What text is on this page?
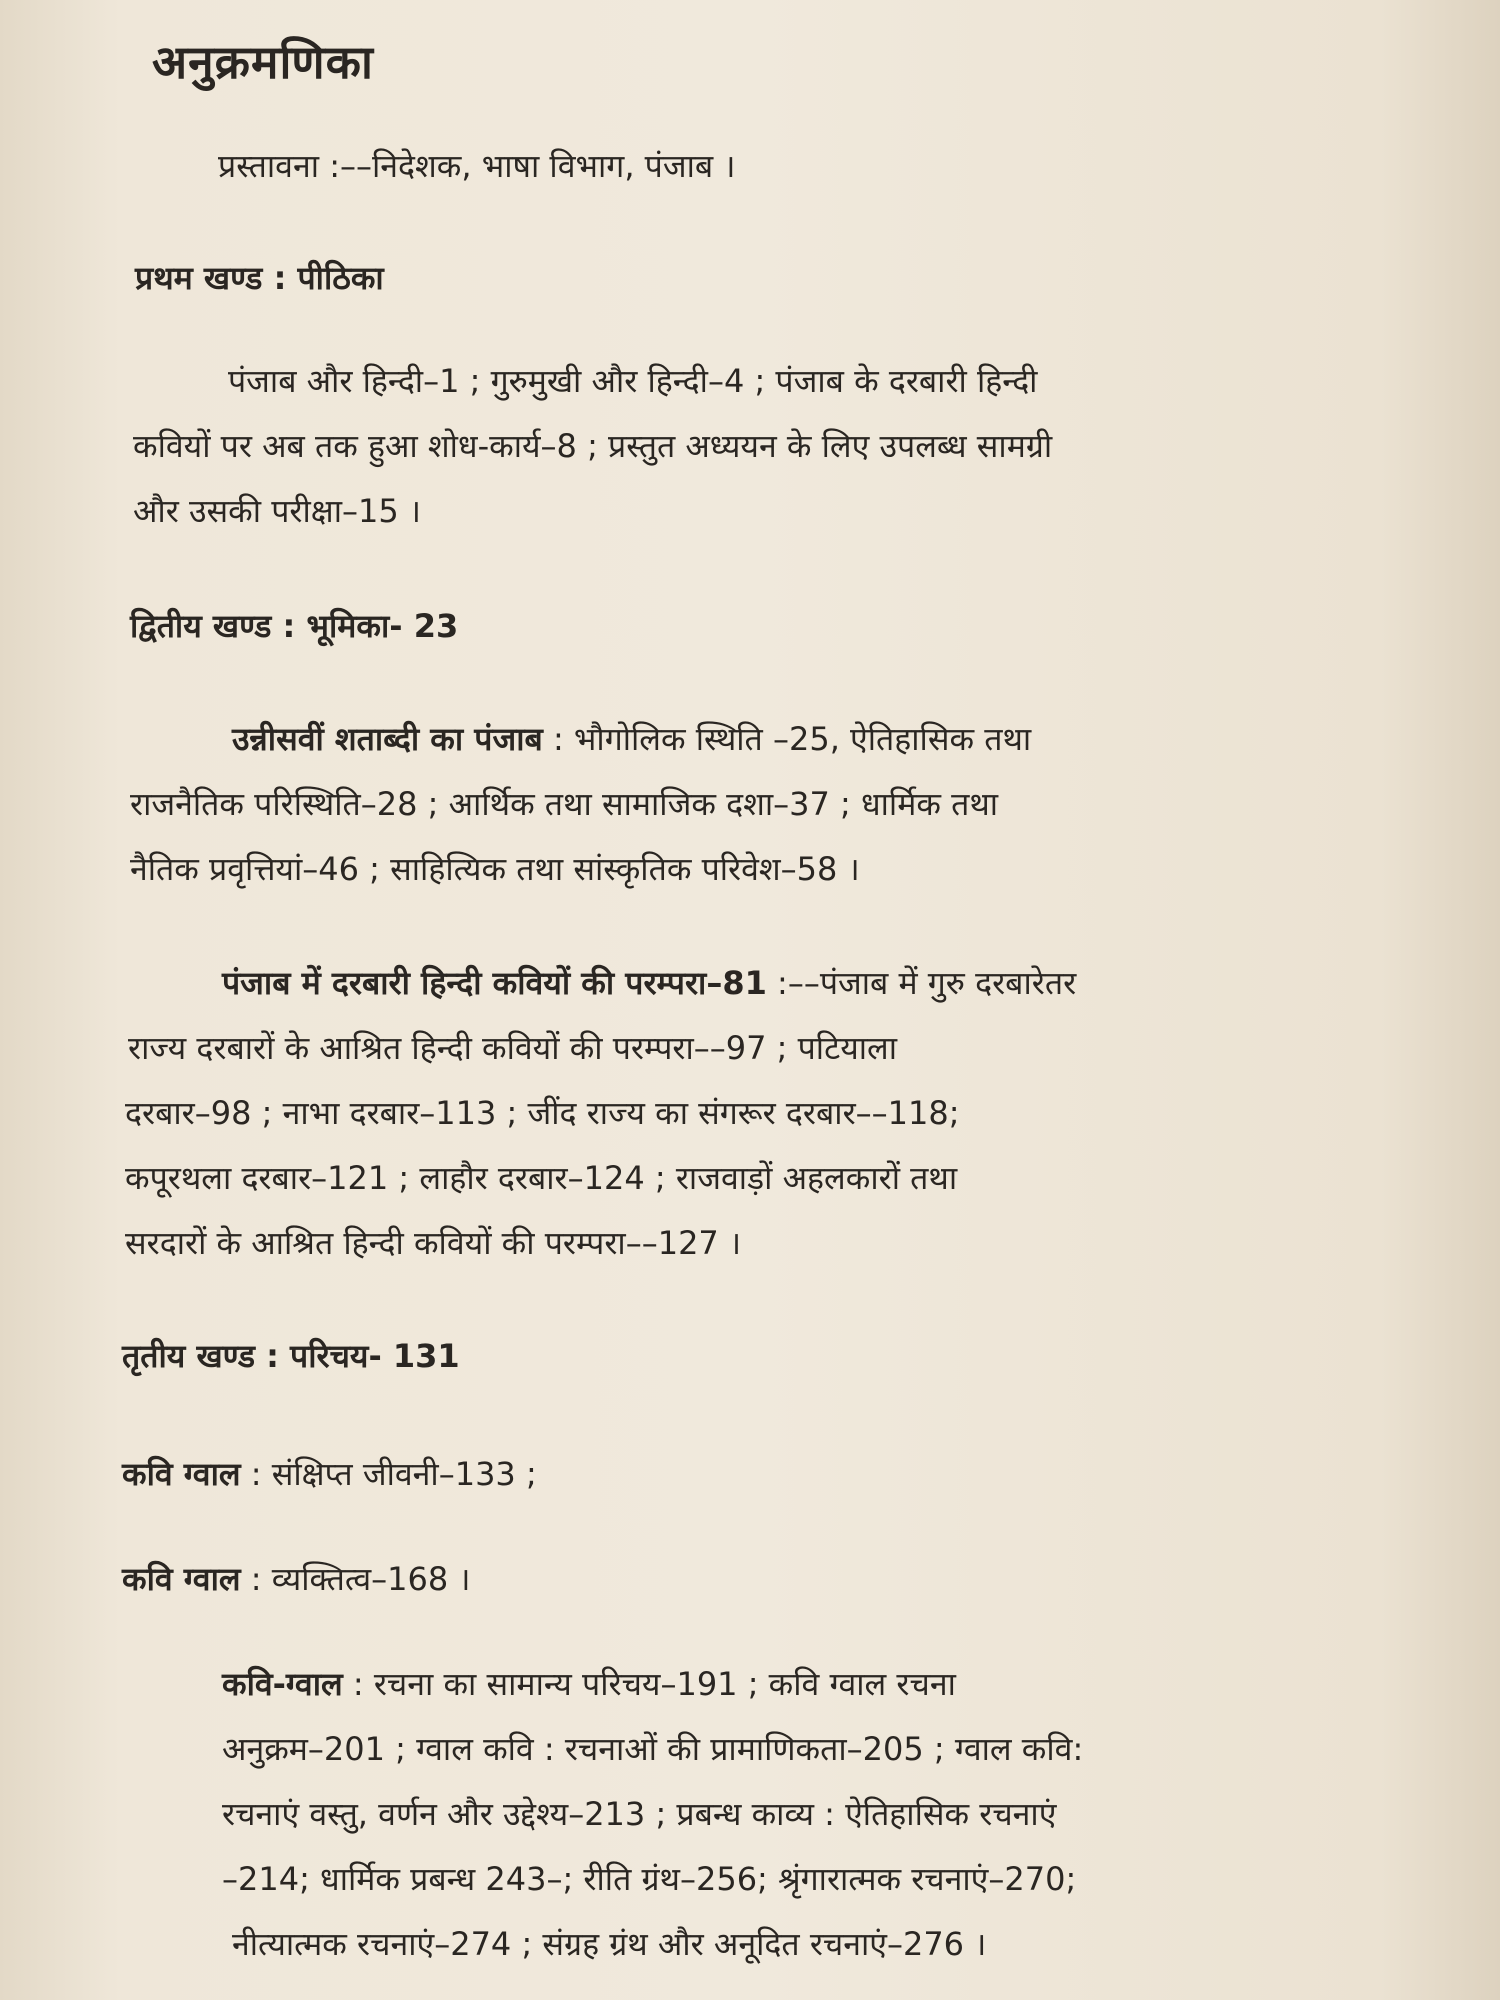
अनुक्रमणिका
प्रस्तावना :––निदेशक, भाषा विभाग, पंजाब ।
प्रथम खण्ड : पीठिका
पंजाब और हिन्दी–1 ; गुरुमुखी और हिन्दी–4 ; पंजाब के दरबारी हिन्दी
कवियों पर अब तक हुआ शोध-कार्य–8 ; प्रस्तुत अध्ययन के लिए उपलब्ध सामग्री
और उसकी परीक्षा–15 ।
द्वितीय खण्ड : भूमिका- 23
उन्नीसवीं शताब्दी का पंजाब : भौगोलिक स्थिति –25, ऐतिहासिक तथा
राजनैतिक परिस्थिति–28 ; आर्थिक तथा सामाजिक दशा–37 ; धार्मिक तथा
नैतिक प्रवृत्तियां–46 ; साहित्यिक तथा सांस्कृतिक परिवेश–58 ।
पंजाब में दरबारी हिन्दी कवियों की परम्परा–81 :––पंजाब में गुरु दरबारेतर
राज्य दरबारों के आश्रित हिन्दी कवियों की परम्परा––97 ; पटियाला
दरबार–98 ; नाभा दरबार–113 ; जींद राज्य का संगरूर दरबार––118;
कपूरथला दरबार–121 ; लाहौर दरबार–124 ; राजवाड़ों अहलकारों तथा
सरदारों के आश्रित हिन्दी कवियों की परम्परा––127 ।
तृतीय खण्ड : परिचय- 131
कवि ग्वाल : संक्षिप्त जीवनी–133 ;
कवि ग्वाल : व्यक्तित्व–168 ।
कवि-ग्वाल : रचना का सामान्य परिचय–191 ; कवि ग्वाल रचना
अनुक्रम–201 ; ग्वाल कवि : रचनाओं की प्रामाणिकता–205 ; ग्वाल कवि:
रचनाएं वस्तु, वर्णन और उद्देश्य–213 ; प्रबन्ध काव्य : ऐतिहासिक रचनाएं
–214; धार्मिक प्रबन्ध 243–; रीति ग्रंथ–256; श्रृंगारात्मक रचनाएं–270;
नीत्यात्मक रचनाएं–274 ; संग्रह ग्रंथ और अनूदित रचनाएं–276 ।
